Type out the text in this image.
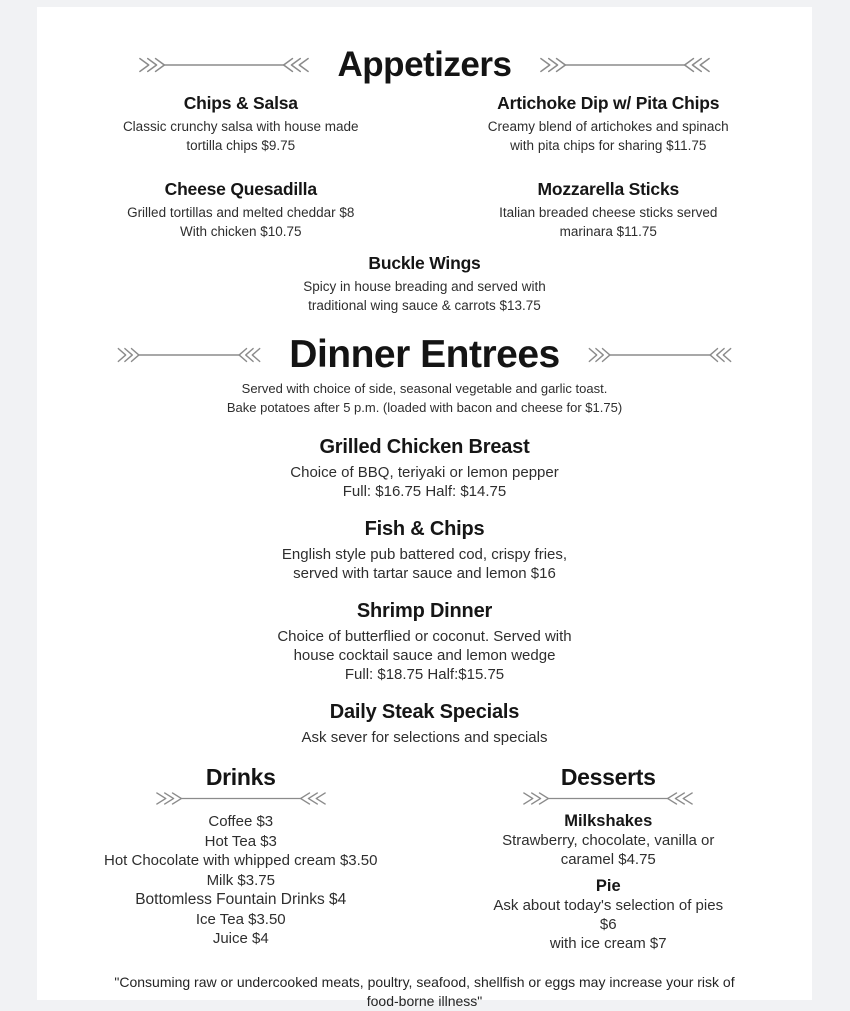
Appetizers
Chips & Salsa

Classic crunchy salsa with house made

tortilla chips $9.75

Artichoke Dip w/ Pita Chips

Creamy blend of artichokes and spinach

with pita chips for sharing $11.75

Cheese Quesadilla

Grilled tortillas and melted cheddar $8

With chicken $10.75

Mozzarella Sticks

Italian breaded cheese sticks served

marinara $11.75

Buckle Wings

Spicy in house breading and served with

traditional wing sauce & carrots $13.75

Dinner Entrees

Served with choice of side, seasonal vegetable and garlic toast.

Bake potatoes after 5 p.m. (loaded with bacon and cheese for $1.75)

Grilled Chicken Breast

Choice of BBQ, teriyaki or lemon pepper

Full: $16.75 Half: $14.75

Fish & Chips

English style pub battered cod, crispy fries,

served with tartar sauce and lemon $16

Shrimp Dinner

Choice of butterflied or coconut. Served with

house cocktail sauce and lemon wedge

Full: $18.75 Half:$15.75

Daily Steak Specials

Ask sever for selections and specials

Drinks

Coffee $3

Hot Tea $3

Hot Chocolate with whipped cream $3.50

Milk $3.75

Bottomless Fountain Drinks $4

Ice Tea $3.50

Juice $4

Desserts
Milkshakes

Strawberry, chocolate, vanilla or

caramel $4.75

Pie

Ask about today's selection of pies

$6

with ice cream $7

"Consuming raw or undercooked meats, poultry, seafood, shellfish or eggs may increase your risk of

food-borne illness"
